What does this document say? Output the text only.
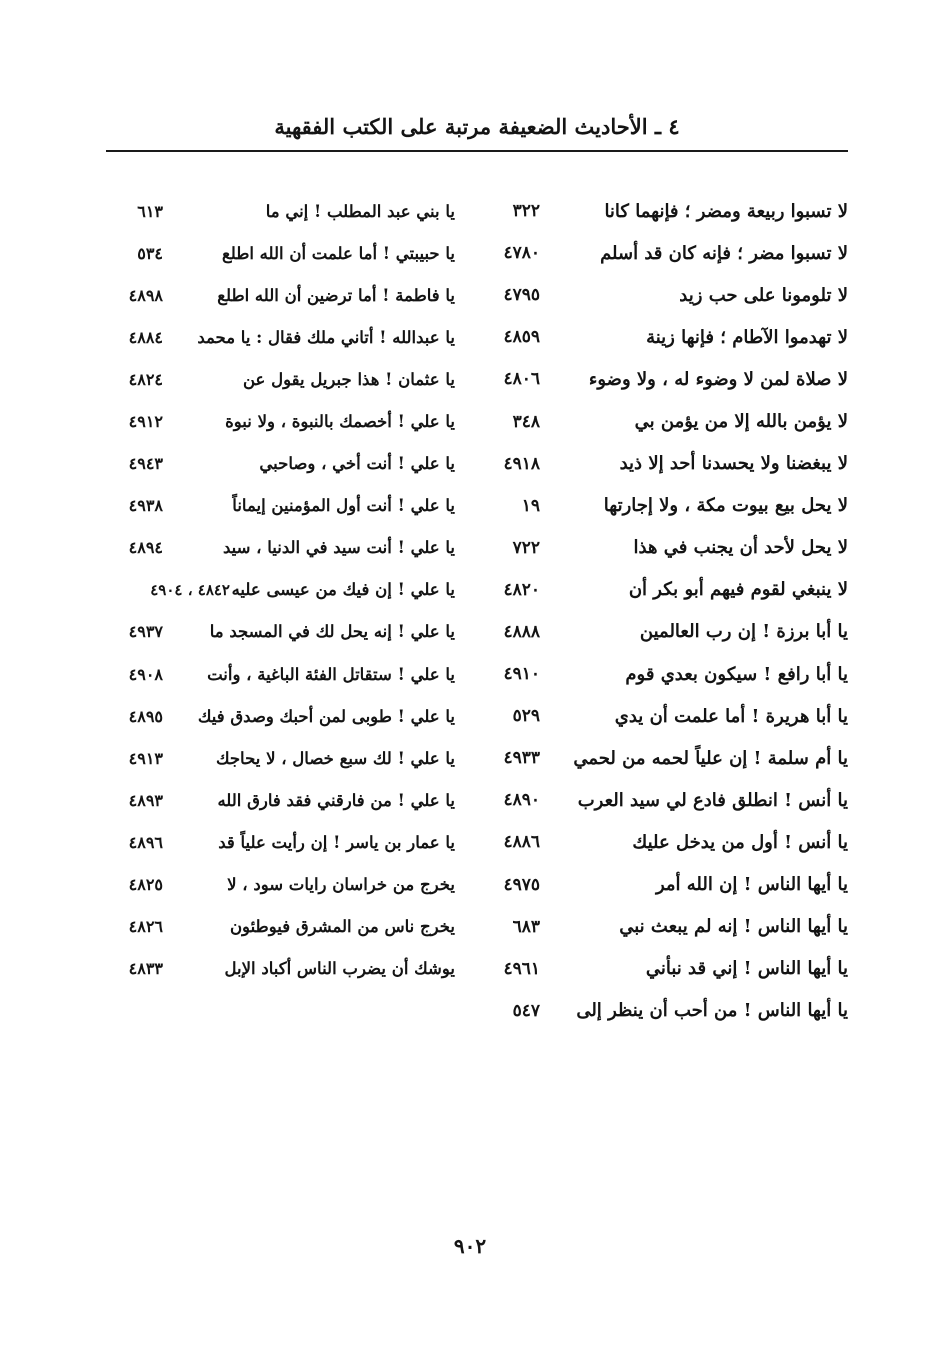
٤ ـ الأحاديث الضعيفة مرتبة على الكتب الفقهية
لا تسبوا ربيعة ومضر ؛ فإنهما كانا
٣٢٢
لا تسبوا مضر ؛ فإنه كان قد أسلم
٤٧٨٠
لا تلومونا على حب زيد
٤٧٩٥
لا تهدموا الآطام ؛ فإنها زينة
٤٨٥٩
لا صلاة لمن لا وضوء له ، ولا وضوء
٤٨٠٦
لا يؤمن بالله إلا من يؤمن بي
٣٤٨
لا يبغضنا ولا يحسدنا أحد إلا ذيد
٤٩١٨
لا يحل بيع بيوت مكة ، ولا إجارتها
١٩
لا يحل لأحد أن يجنب في هذا
٧٢٢
لا ينبغي لقوم فيهم أبو بكر أن
٤٨٢٠
يا أبا برزة ! إن رب العالمين
٤٨٨٨
يا أبا رافع ! سيكون بعدي قوم
٤٩١٠
يا أبا هريرة ! أما علمت أن يدي
٥٢٩
يا أم سلمة ! إن علياً لحمه من لحمي
٤٩٣٣
يا أنس ! انطلق فادع لي سيد العرب
٤٨٩٠
يا أنس ! أول من يدخل عليك
٤٨٨٦
يا أيها الناس ! إن الله أمر
٤٩٧٥
يا أيها الناس ! إنه لم يبعث نبي
٦٨٣
يا أيها الناس ! إني قد نبأني
٤٩٦١
يا أيها الناس ! من أحب أن ينظر إلى
٥٤٧
يا بني عبد المطلب ! إني ما
٦١٣
يا حبيبتي ! أما علمت أن الله اطلع
٥٣٤
يا فاطمة ! أما ترضين أن الله اطلع
٤٨٩٨
يا عبدالله ! أتاني ملك فقال : يا محمد
٤٨٨٤
يا عثمان ! هذا جبريل يقول عن
٤٨٢٤
يا علي ! أخصمك بالنبوة ، ولا نبوة
٤٩١٢
يا علي ! أنت أخي ، وصاحبي
٤٩٤٣
يا علي ! أنت أول المؤمنين إيماناً
٤٩٣٨
يا علي ! أنت سيد في الدنيا ، سيد
٤٨٩٤
يا علي ! إن فيك من عيسى عليه
٤٨٤٢ ، ٤٩٠٤
يا علي ! إنه يحل لك في المسجد ما
٤٩٣٧
يا علي ! ستقاتل الفئة الباغية ، وأنت
٤٩٠٨
يا علي ! طوبى لمن أحبك وصدق فيك
٤٨٩٥
يا علي ! لك سبع خصال ، لا يحاجك
٤٩١٣
يا علي ! من فارقني فقد فارق الله
٤٨٩٣
يا عمار بن ياسر ! إن رأيت علياً قد
٤٨٩٦
يخرج من خراسان رايات سود ، لا
٤٨٢٥
يخرج ناس من المشرق فيوطئون
٤٨٢٦
يوشك أن يضرب الناس أكباد الإبل
٤٨٣٣
٩٠٢
